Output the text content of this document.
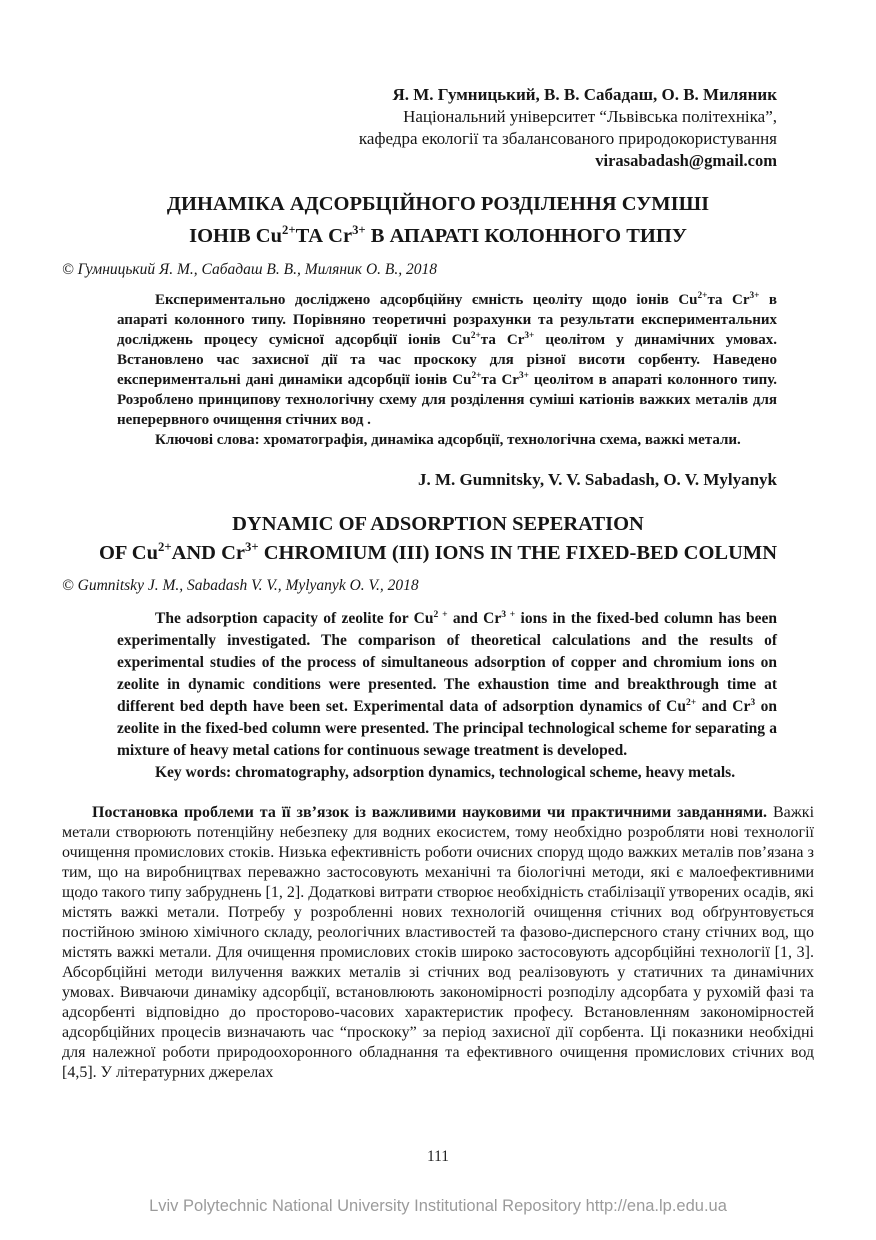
Я. М. Гумницький, В. В. Сабадаш, О. В. Миляник
Національний університет “Львівська політехніка”,
кафедра екології та збалансованого природокористування
virasabadash@gmail.com
ДИНАМІКА АДСОРБЦІЙНОГО РОЗДІЛЕННЯ СУМІШІ
ІОНІВ $Cu^{2+}ТА$ $Cr^{3+}$ В АПАРАТІ КОЛОННОГО ТИПУ
© Гумницький Я. М., Сабадаш В. В., Миляник О. В., 2018

Експериментально досліджено адсорбційну ємність цеоліту щодо іонів $Cu^{2+}та$ $Cr^{3+}$ в апараті колонного типу. Порівняно теоретичні розрахунки та результати експериментальних досліджень процесу сумісної адсорбції іонів $Cu^{2+}та$ $Cr^{3+}$ цеолітом у динамічних умовах. Встановлено час захисної дії та час проскоку для різної висоти сорбенту. Наведено експериментальні дані динаміки адсорбції іонів $Cu^{2+}та$ $Cr^{3+}$ цеолітом в апараті колонного типу. Розроблено принципову технологічну схему для розділення суміші катіонів важких металів для неперервного очищення стічних вод .

Ключові слова: хроматографія, динаміка адсорбції, технологічна схема, важкі метали.

J. M. Gumnitsky, V. V. Sabadash, O. V. Mylyanyk
DYNAMIC OF ADSORPTION SEPERATION
OF $Cu^{2+}AND$ $Cr^{3+}$ CHROMIUM (III) IONS IN THE FIXED-BED COLUMN
© Gumnitsky J. M., Sabadash V. V., Mylyanyk O. V., 2018

The adsorption capacity of zeolite for $Cu^{2 +}$ and $Cr^{3 +}$ ions in the fixed-bed column has been experimentally investigated. The comparison of theoretical calculations and the results of experimental studies of the process of simultaneous adsorption of copper and chromium ions on zeolite in dynamic conditions were presented. The exhaustion time and breakthrough time at different bed depth have been set. Experimental data of adsorption dynamics of $Cu^{2+}$ and Cr$^3$ on zeolite in the fixed-bed column were presented. The principal technological scheme for separating a mixture of heavy metal cations for continuous sewage treatment is developed.

Key words: chromatography, adsorption dynamics, technological scheme, heavy metals.

Постановка проблеми та її зв’язок із важливими науковими чи практичними завданнями. Важкі метали створюють потенційну небезпеку для водних екосистем, тому необхідно розробляти нові технології очищення промислових стоків. Низька ефективність роботи очисних споруд щодо важких металів пов’язана з тим, що на виробництвах переважно застосовують механічні та біологічні методи, які є малоефективними щодо такого типу забруднень [1, 2]. Додаткові витрати створює необхідність стабілізації утворених осадів, які містять важкі метали. Потребу у розробленні нових технологій очищення стічних вод обґрунтовується постійною зміною хімічного складу, реологічних властивостей та фазово-дисперсного стану стічних вод, що містять важкі метали. Для очищення промислових стоків широко застосовують адсорбційні технології [1, 3]. Абсорбційні методи вилучення важких металів зі стічних вод реалізовують у статичних та динамічних умовах. Вивчаючи динаміку адсорбції, встановлюють закономірності розподілу адсорбата у рухомій фазі та адсорбенті відповідно до просторово-часових характеристик професу. Встановленням закономірностей адсорбційних процесів визначають час “проскоку” за період захисної дії сорбента. Ці показники необхідні для належної роботи природоохоронного обладнання та ефективного очищення промислових стічних вод [4,5]. У літературних джерелах

111
Lviv Polytechnic National University Institutional Repository http://ena.lp.edu.ua
